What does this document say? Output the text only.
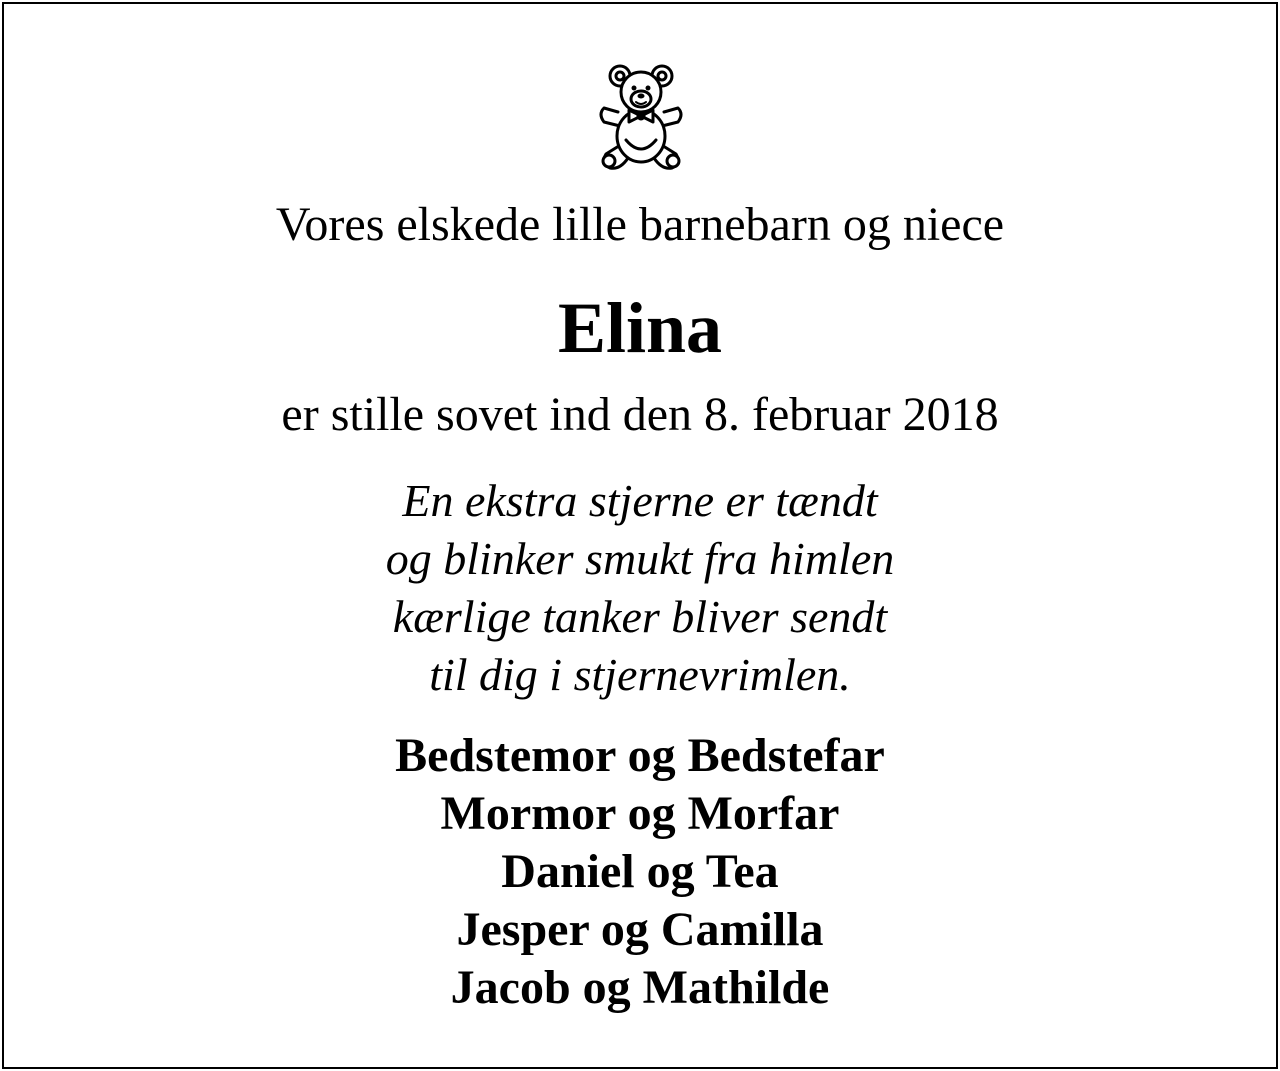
Vores elskede lille barnebarn og niece
Elina
er stille sovet ind den 8. februar 2018
En ekstra stjerne er tændt
og blinker smukt fra himlen
kærlige tanker bliver sendt
til dig i stjernevrimlen.
Bedstemor og Bedstefar
Mormor og Morfar
Daniel og Tea
Jesper og Camilla
Jacob og Mathilde
